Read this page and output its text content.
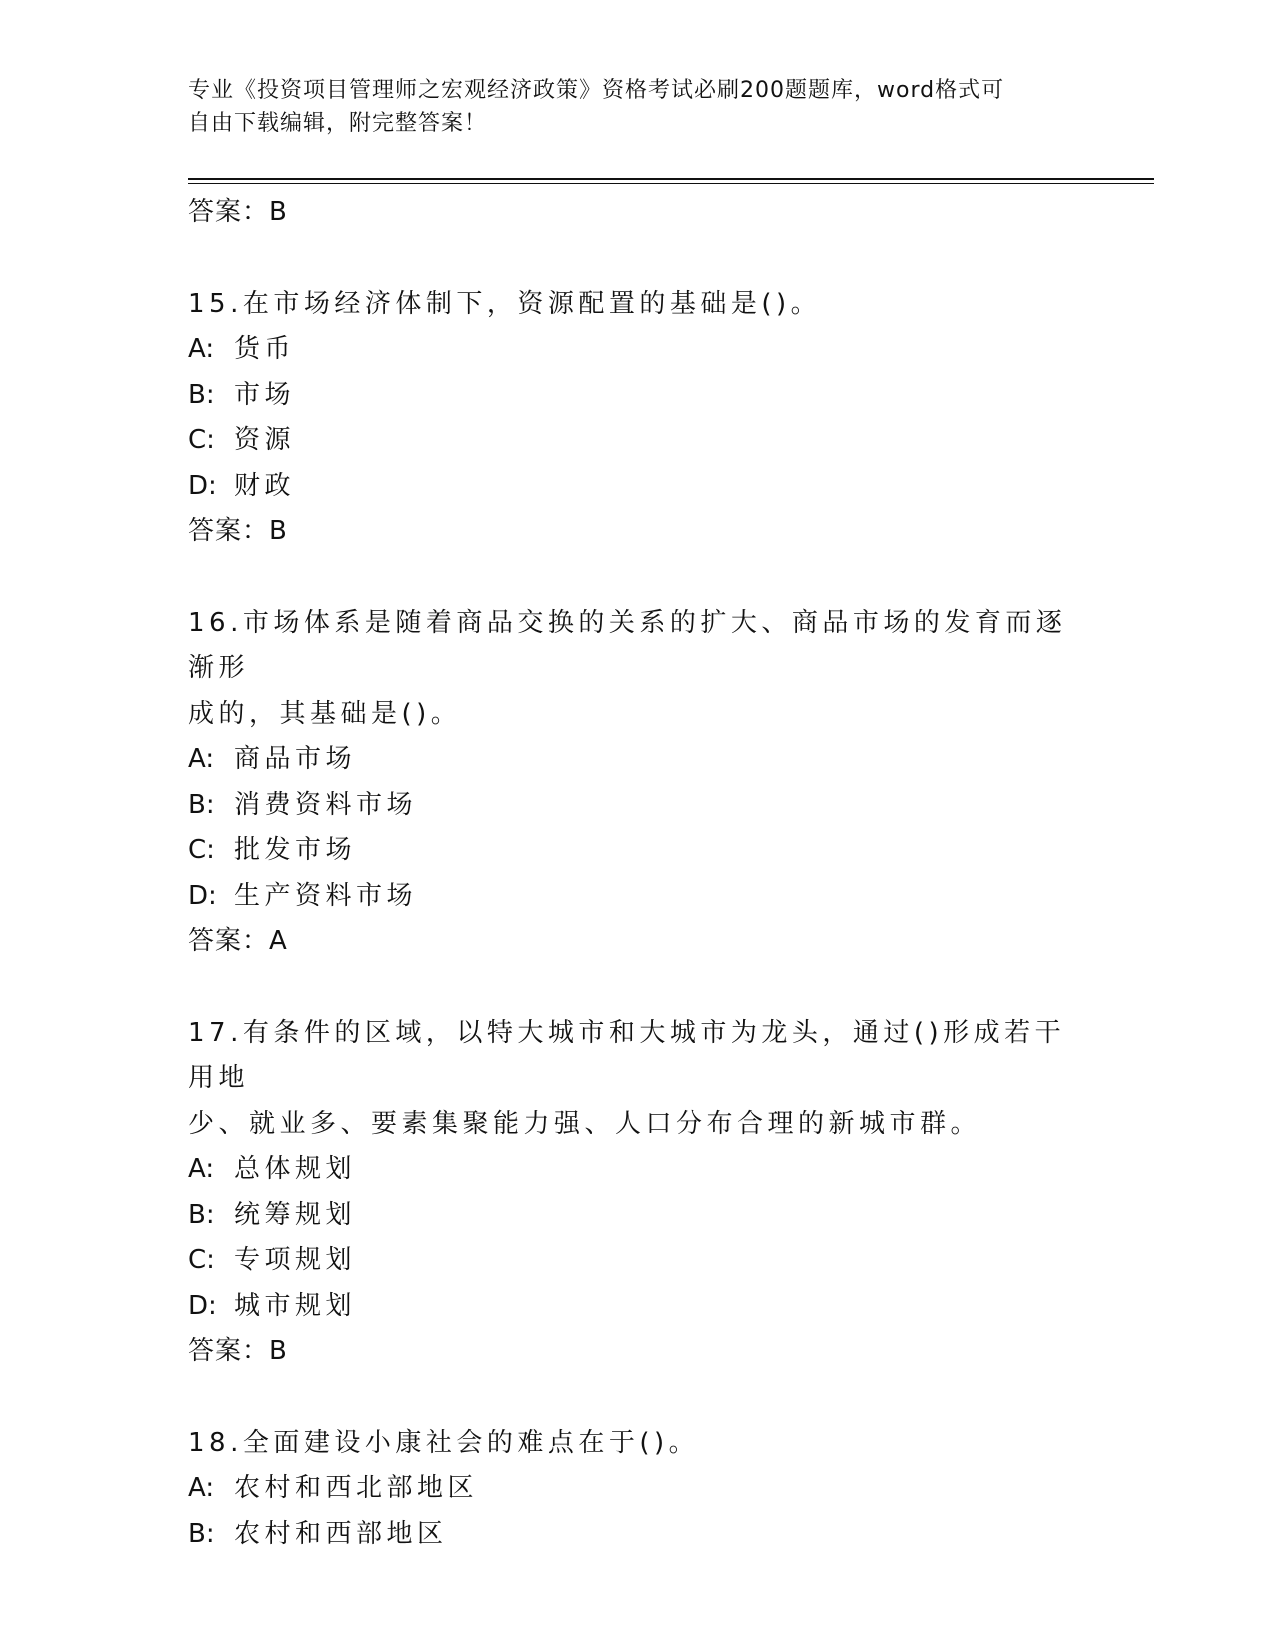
专业《投资项目管理师之宏观经济政策》资格考试必刷200题题库，word格式可
自由下载编辑，附完整答案！
答案：B
15.在市场经济体制下，资源配置的基础是()。
A: 货币
B: 市场
C: 资源
D: 财政
答案：B
16.市场体系是随着商品交换的关系的扩大、商品市场的发育而逐渐形
成的，其基础是()。
A: 商品市场
B: 消费资料市场
C: 批发市场
D: 生产资料市场
答案：A
17.有条件的区域，以特大城市和大城市为龙头，通过()形成若干用地
少、就业多、要素集聚能力强、人口分布合理的新城市群。
A: 总体规划
B: 统筹规划
C: 专项规划
D: 城市规划
答案：B
18.全面建设小康社会的难点在于()。
A: 农村和西北部地区
B: 农村和西部地区
